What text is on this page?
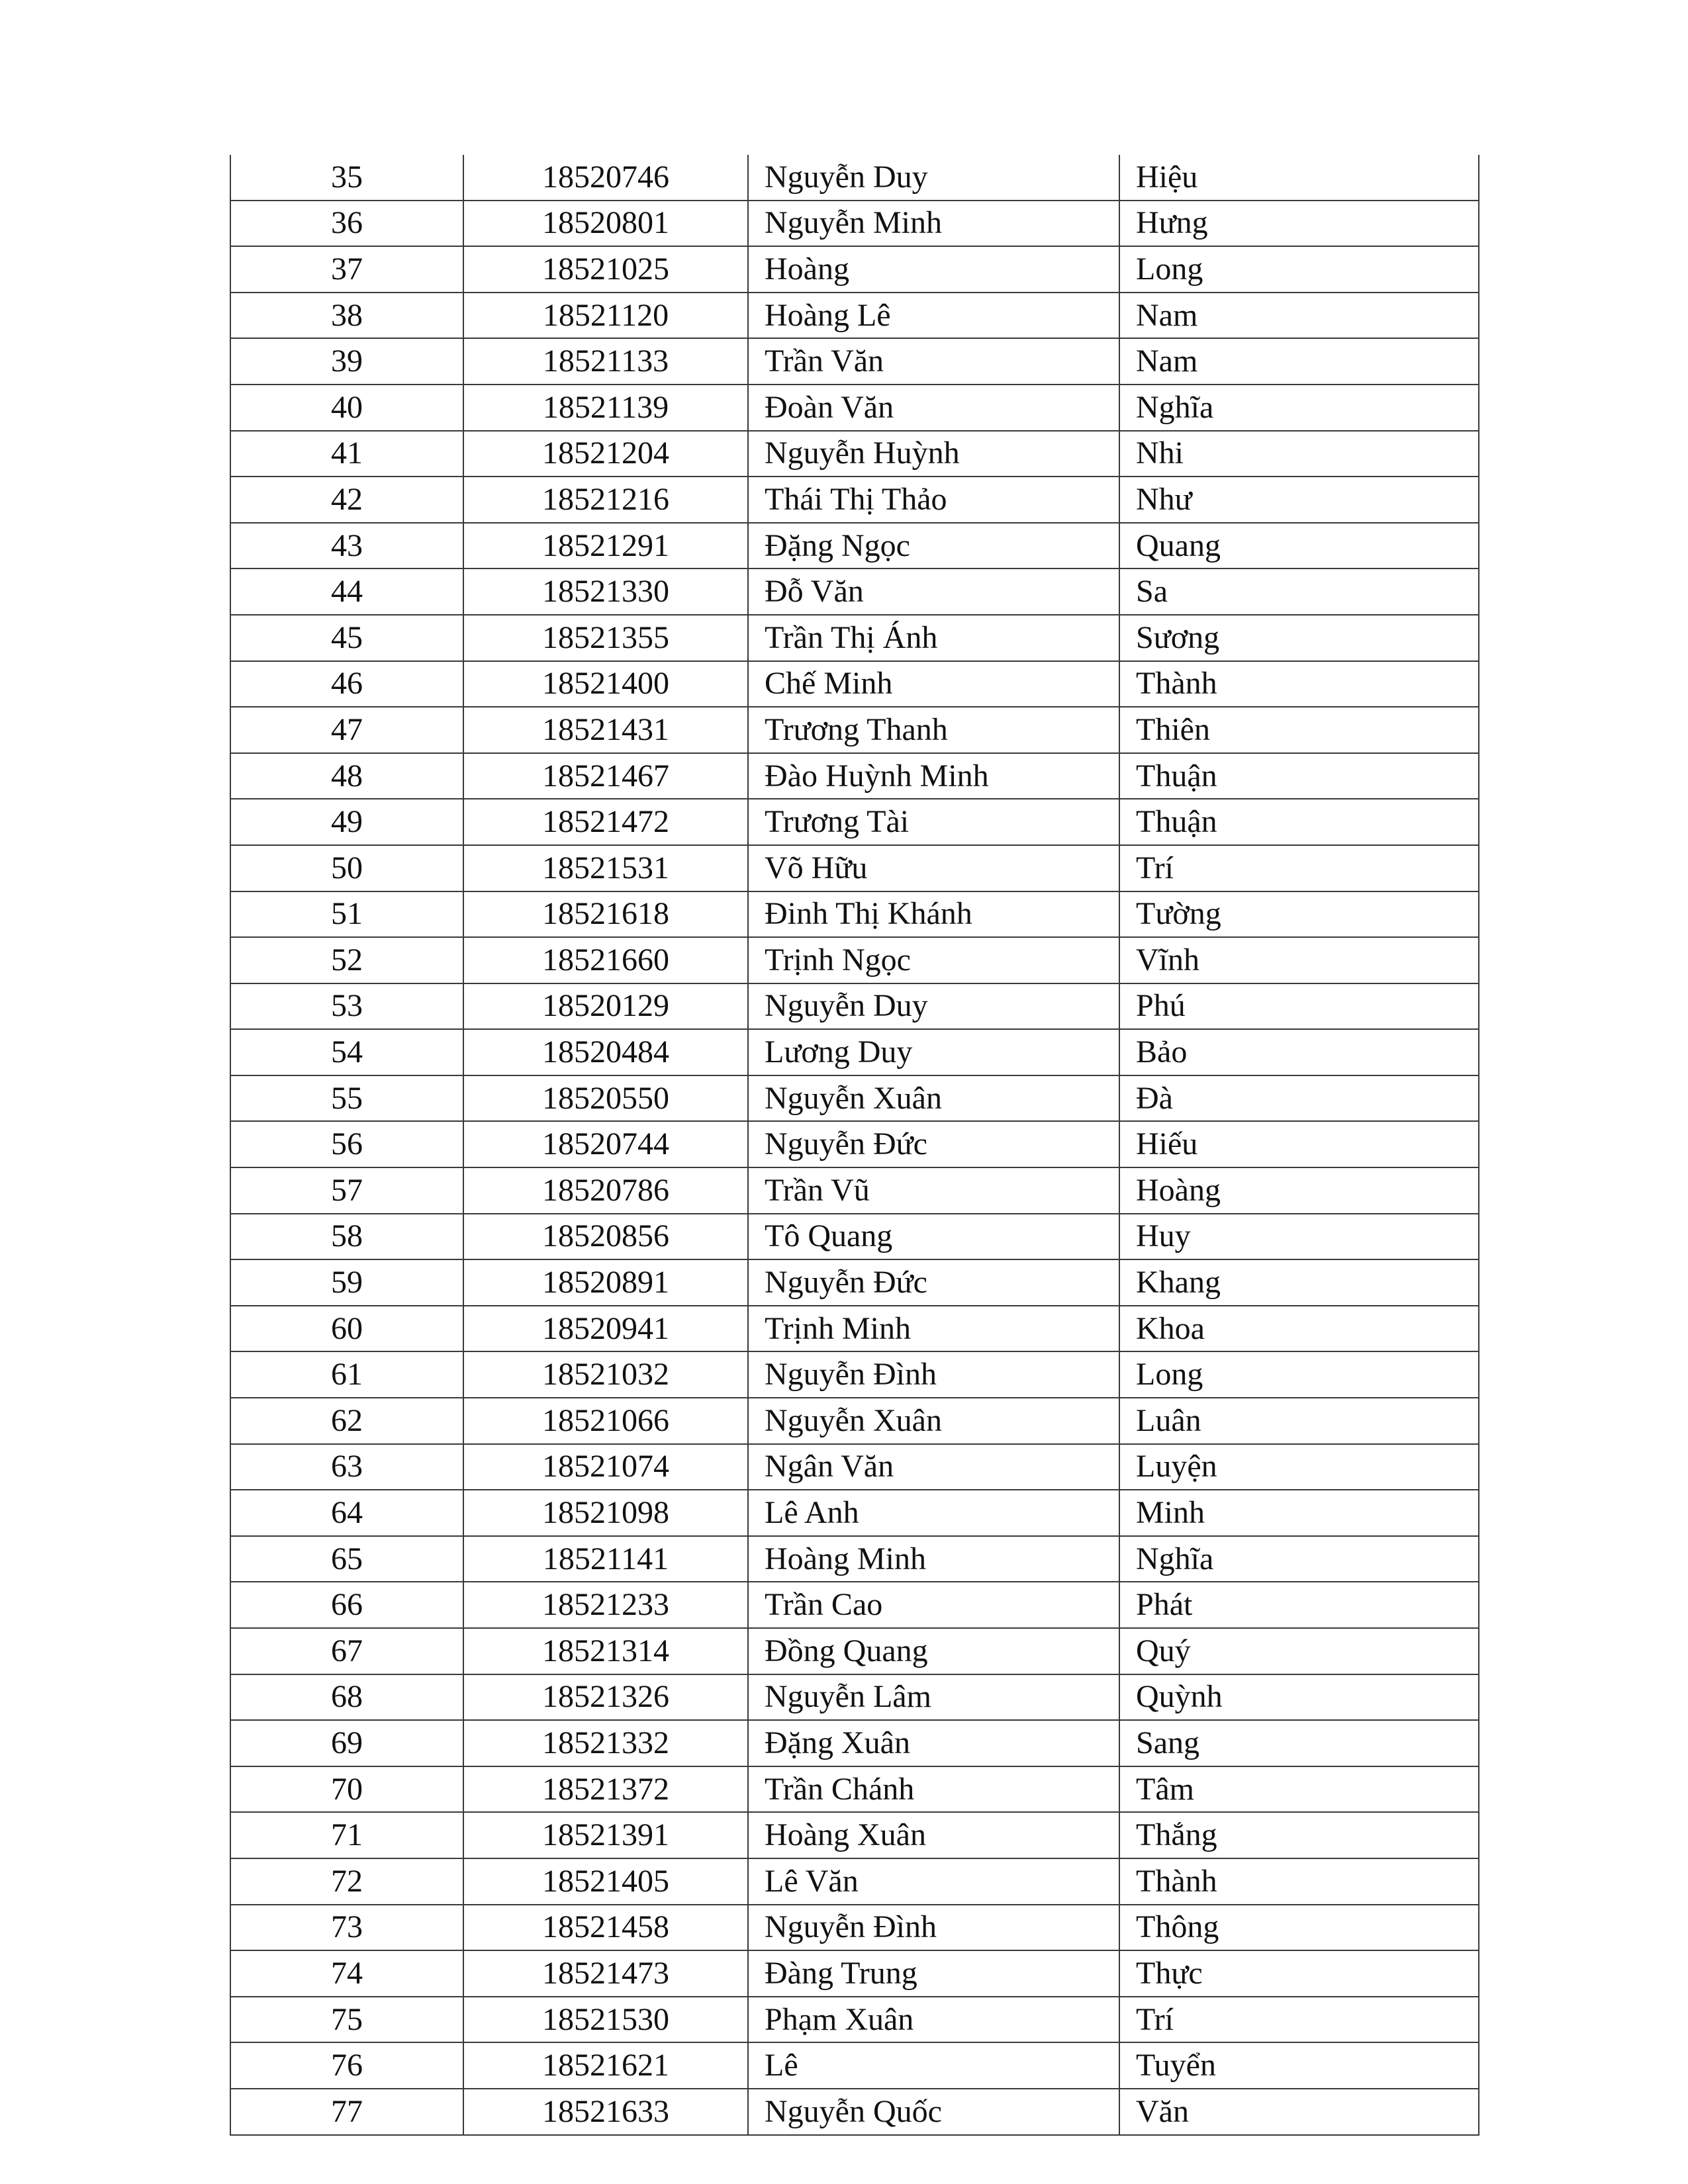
35	18520746	Nguyễn Duy	Hiệu
36	18520801	Nguyễn Minh	Hưng
37	18521025	Hoàng	Long
38	18521120	Hoàng Lê	Nam
39	18521133	Trần Văn	Nam
40	18521139	Đoàn Văn	Nghĩa
41	18521204	Nguyễn Huỳnh	Nhi
42	18521216	Thái Thị Thảo	Như
43	18521291	Đặng Ngọc	Quang
44	18521330	Đỗ Văn	Sa
45	18521355	Trần Thị Ánh	Sương
46	18521400	Chế Minh	Thành
47	18521431	Trương Thanh	Thiên
48	18521467	Đào Huỳnh Minh	Thuận
49	18521472	Trương Tài	Thuận
50	18521531	Võ Hữu	Trí
51	18521618	Đinh Thị Khánh	Tường
52	18521660	Trịnh Ngọc	Vĩnh
53	18520129	Nguyễn Duy	Phú
54	18520484	Lương Duy	Bảo
55	18520550	Nguyễn Xuân	Đà
56	18520744	Nguyễn Đức	Hiếu
57	18520786	Trần Vũ	Hoàng
58	18520856	Tô Quang	Huy
59	18520891	Nguyễn Đức	Khang
60	18520941	Trịnh Minh	Khoa
61	18521032	Nguyễn Đình	Long
62	18521066	Nguyễn Xuân	Luân
63	18521074	Ngân Văn	Luyện
64	18521098	Lê Anh	Minh
65	18521141	Hoàng Minh	Nghĩa
66	18521233	Trần Cao	Phát
67	18521314	Đồng Quang	Quý
68	18521326	Nguyễn Lâm	Quỳnh
69	18521332	Đặng Xuân	Sang
70	18521372	Trần Chánh	Tâm
71	18521391	Hoàng Xuân	Thắng
72	18521405	Lê Văn	Thành
73	18521458	Nguyễn Đình	Thông
74	18521473	Đàng Trung	Thực
75	18521530	Phạm Xuân	Trí
76	18521621	Lê	Tuyển
77	18521633	Nguyễn Quốc	Văn
